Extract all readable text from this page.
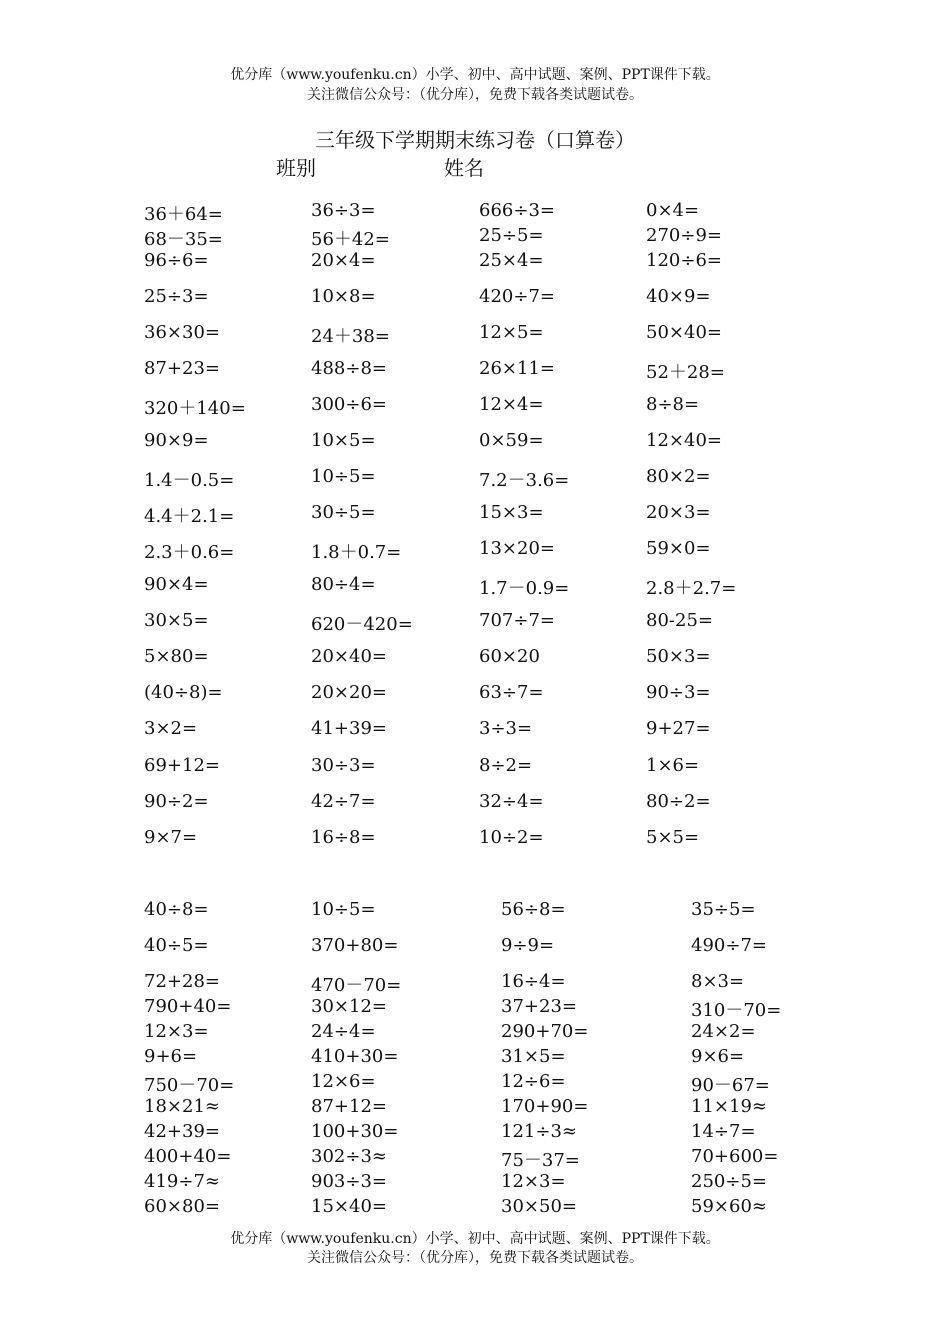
优分库（www.youfenku.cn）小学、初中、高中试题、案例、PPT课件下载。
关注微信公众号：（优分库），免费下载各类试题试卷。
三年级下学期期末练习卷（口算卷）
班别	姓名
36＋64=	36÷3=	666÷3=	0×4=
68－35=	56＋42=	25÷5=	270÷9=
96÷6=	20×4=	25×4=	120÷6=
25÷3=	10×8=	420÷7=	40×9=
36×30=	24＋38=	12×5=	50×40=
87+23=	488÷8=	26×11=	52＋28=
320＋140=	300÷6=	12×4=	8÷8=
90×9=	10×5=	0×59=	12×40=
1.4－0.5=	10÷5=	7.2－3.6=	80×2=
4.4＋2.1=	30÷5=	15×3=	20×3=
2.3＋0.6=	1.8＋0.7=	13×20=	59×0=
90×4=	80÷4=	1.7－0.9=	2.8＋2.7=
30×5=	620－420=	707÷7=	80-25=
5×80=	20×40=	60×20	50×3=
(40÷8)=	20×20=	63÷7=	90÷3=
3×2=	41+39=	3÷3=	9+27=
69+12=	30÷3=	8÷2=	1×6=
90÷2=	42÷7=	32÷4=	80÷2=
9×7=	16÷8=	10÷2=	5×5=
40÷8=	10÷5=	56÷8=	35÷5=
40÷5=	370+80=	9÷9=	490÷7=
72+28=	470－70=	16÷4=	8×3=
790+40=	30×12=	37+23=	310－70=
12×3=	24÷4=	290+70=	24×2=
9+6=	410+30=	31×5=	9×6=
750－70=	12×6=	12÷6=	90－67=
18×21≈	87+12=	170+90=	11×19≈
42+39=	100+30=	121÷3≈	14÷7=
400+40=	302÷3≈	75－37=	70+600=
419÷7≈	903÷3=	12×3=	250÷5=
60×80=	15×40=	30×50=	59×60≈
优分库（www.youfenku.cn）小学、初中、高中试题、案例、PPT课件下载。
关注微信公众号：（优分库），免费下载各类试题试卷。
